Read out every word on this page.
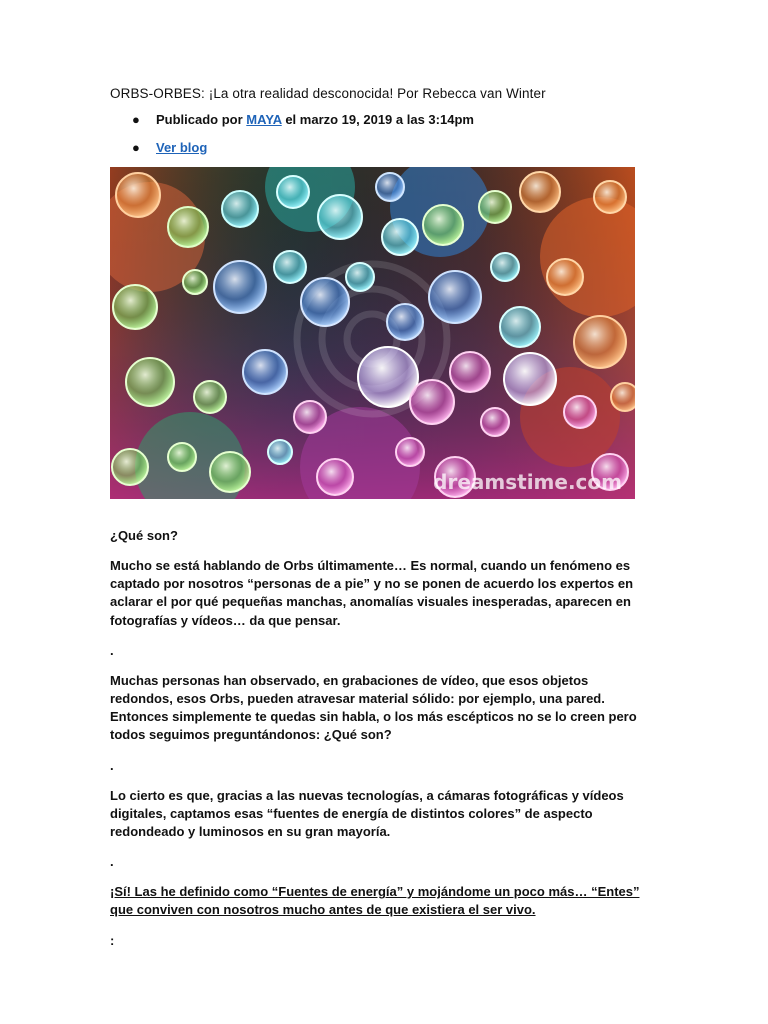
ORBS-ORBES: ¡La otra realidad desconocida! Por Rebecca van Winter
● Publicado por MAYA el marzo 19, 2019 a las 3:14pm
● Ver blog
dreamstime.com
¿Qué son?

Mucho se está hablando de Orbs últimamente… Es normal, cuando un fenómeno es captado por nosotros “personas de a pie” y no se ponen de acuerdo los expertos en aclarar el por qué pequeñas manchas, anomalías visuales inesperadas, aparecen en fotografías y vídeos… da que pensar.

.

Muchas personas han observado, en grabaciones de vídeo, que esos objetos redondos, esos Orbs, pueden atravesar material sólido: por ejemplo, una pared. Entonces simplemente te quedas sin habla, o los más escépticos no se lo creen pero todos seguimos preguntándonos: ¿Qué son?

.

Lo cierto es que, gracias a las nuevas tecnologías, a cámaras fotográficas y vídeos digitales, captamos esas “fuentes de energía de distintos colores” de aspecto redondeado y luminosos en su gran mayoría.

.

¡Sí! Las he definido como “Fuentes de energía” y mojándome un poco más… “Entes” que conviven con nosotros mucho antes de que existiera el ser vivo.

:
